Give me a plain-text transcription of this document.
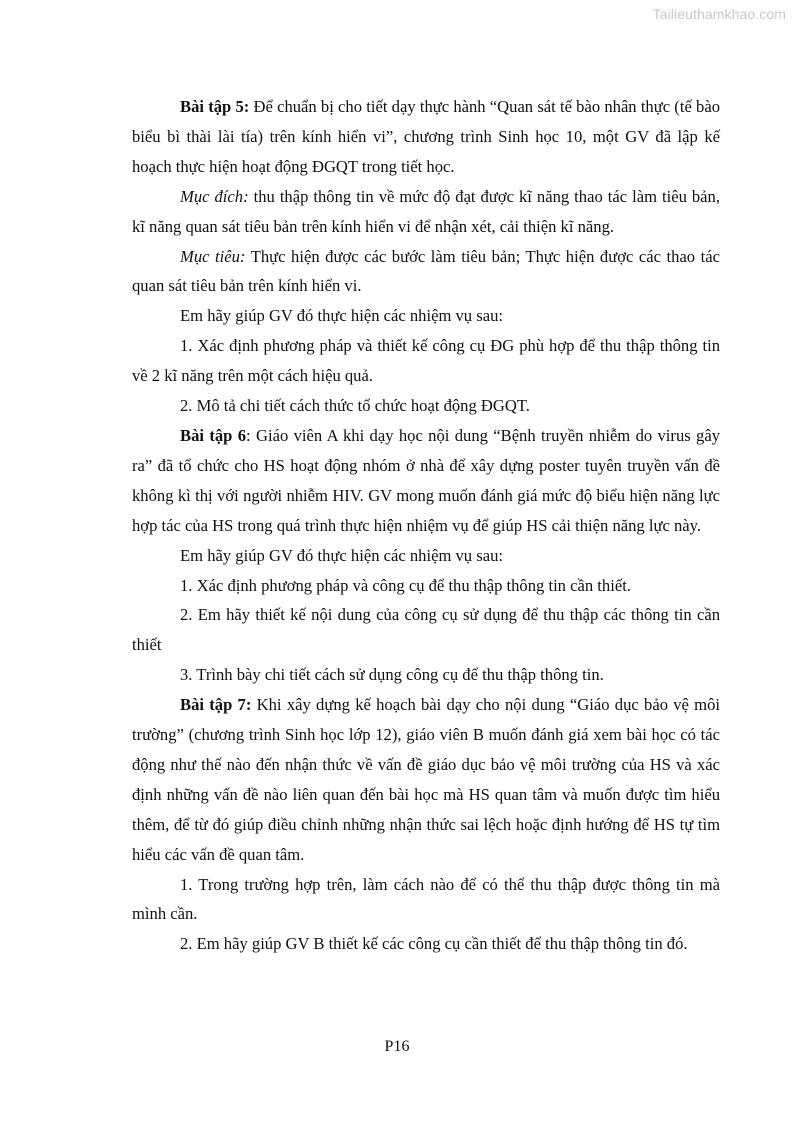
Tailieuthamkhao.com

Bài tập 5: Để chuẩn bị cho tiết dạy thực hành “Quan sát tế bào nhân thực (tế bào biểu bì thài lài tía) trên kính hiển vi”, chương trình Sinh học 10, một GV đã lập kế hoạch thực hiện hoạt động ĐGQT trong tiết học.

Mục đích: thu thập thông tin về mức độ đạt được kĩ năng thao tác làm tiêu bản, kĩ năng quan sát tiêu bản trên kính hiển vi để nhận xét, cải thiện kĩ năng.

Mục tiêu: Thực hiện được các bước làm tiêu bản; Thực hiện được các thao tác quan sát tiêu bản trên kính hiển vi.

Em hãy giúp GV đó thực hiện các nhiệm vụ sau:

1. Xác định phương pháp và thiết kế công cụ ĐG phù hợp để thu thập thông tin về 2 kĩ năng trên một cách hiệu quả.

2. Mô tả chi tiết cách thức tổ chức hoạt động ĐGQT.

Bài tập 6: Giáo viên A khi dạy học nội dung “Bệnh truyền nhiễm do virus gây ra” đã tổ chức cho HS hoạt động nhóm ở nhà để xây dựng poster tuyên truyền vấn đề không kì thị với người nhiễm HIV. GV mong muốn đánh giá mức độ biểu hiện năng lực hợp tác của HS trong quá trình thực hiện nhiệm vụ để giúp HS cải thiện năng lực này.

Em hãy giúp GV đó thực hiện các nhiệm vụ sau:

1. Xác định phương pháp và công cụ để thu thập thông tin cần thiết.

2. Em hãy thiết kế nội dung của công cụ sử dụng để thu thập các thông tin cần thiết

3. Trình bày chi tiết cách sử dụng công cụ để thu thập thông tin.

Bài tập 7: Khi xây dựng kế hoạch bài dạy cho nội dung “Giáo dục bảo vệ môi trường” (chương trình Sinh học lớp 12), giáo viên B muốn đánh giá xem bài học có tác động như thế nào đến nhận thức về vấn đề giáo dục bảo vệ môi trường của HS và xác định những vấn đề nào liên quan đến bài học mà HS quan tâm và muốn được tìm hiểu thêm, để từ đó giúp điều chỉnh những nhận thức sai lệch hoặc định hướng để HS tự tìm hiểu các vấn đề quan tâm.

1. Trong trường hợp trên, làm cách nào để có thể thu thập được thông tin mà mình cần.

2. Em hãy giúp GV B thiết kế các công cụ cần thiết để thu thập thông tin đó.

P16
